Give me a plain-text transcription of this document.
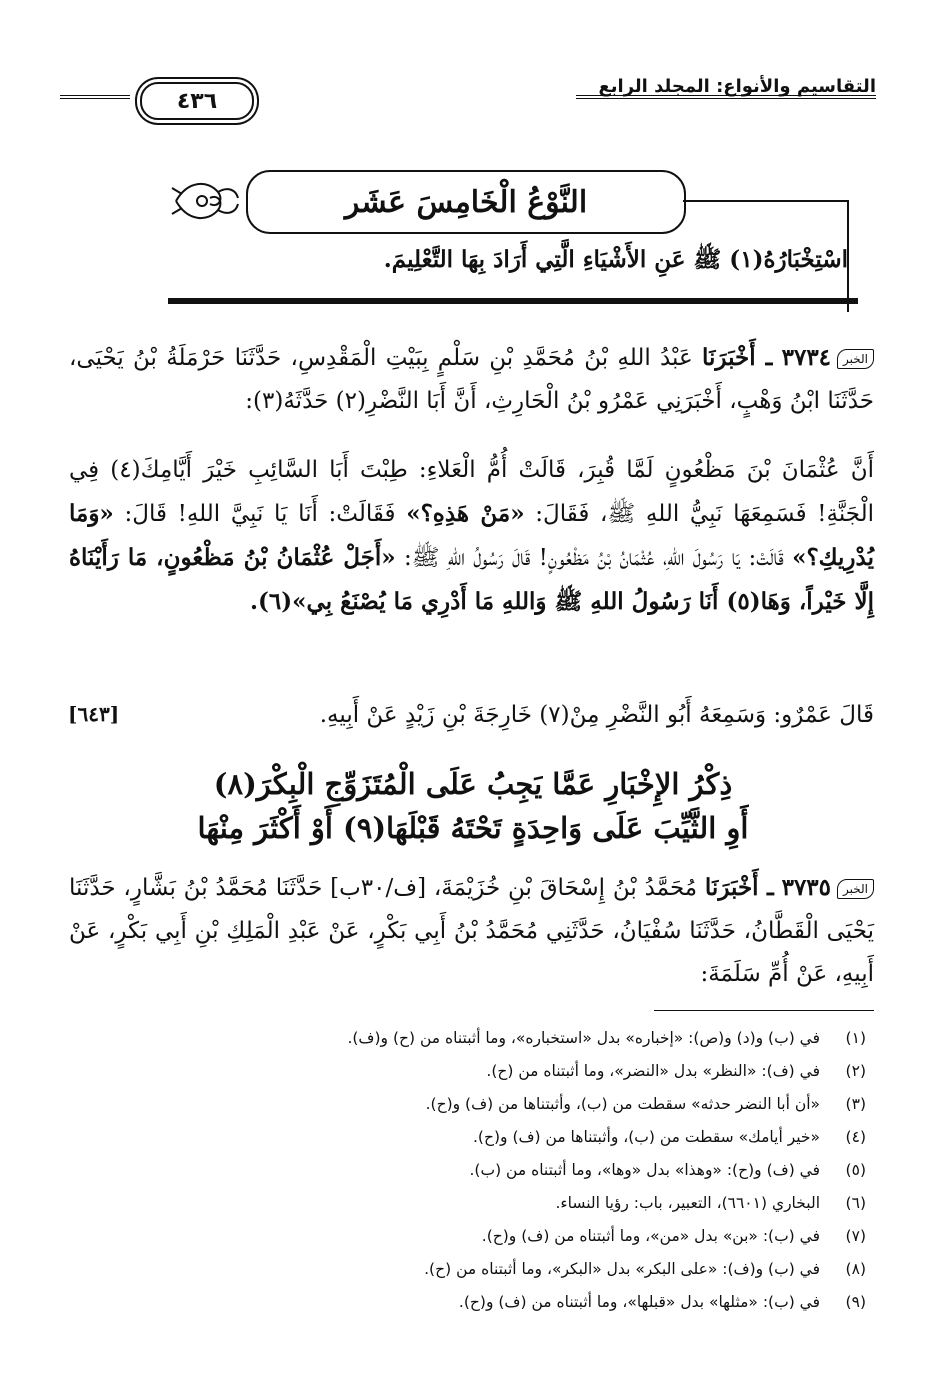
التقاسيم والأنواع: المجلد الرابع
٤٣٦
النَّوْعُ الْخَامِسَ عَشَر
اسْتِخْبَارُهُ(١) ﷺ عَنِ الأَشْيَاءِ الَّتِي أَرَادَ بِهَا التَّعْلِيمَ.
الخبر٣٧٣٤ ـ أَخْبَرَنَا عَبْدُ اللهِ بْنُ مُحَمَّدِ بْنِ سَلْمٍ بِبَيْتِ الْمَقْدِسِ، حَدَّثَنَا حَرْمَلَةُ بْنُ يَحْيَى، حَدَّثَنَا ابْنُ وَهْبٍ، أَخْبَرَنِي عَمْرُو بْنُ الْحَارِثِ، أَنَّ أَبَا النَّضْرِ(٢) حَدَّثَهُ(٣):
أَنَّ عُثْمَانَ بْنَ مَظْعُونٍ لَمَّا قُبِرَ، قَالَتْ أُمُّ الْعَلاءِ: طِبْتَ أَبَا السَّائِبِ خَيْرَ أَيَّامِكَ(٤) فِي الْجَنَّةِ! فَسَمِعَهَا نَبِيُّ اللهِ ﷺ، فَقَالَ: «مَنْ هَذِهِ؟» فَقَالَتْ: أَنَا يَا نَبِيَّ اللهِ! قَالَ: «وَمَا يُدْرِيكِ؟» قَالَتْ: يَا رَسُولَ اللهِ، عُثْمَانُ بْنُ مَظْعُونٍ! قَالَ رَسُولُ اللهِ ﷺ: «أَجَلْ عُثْمَانُ بْنُ مَظْعُونٍ، مَا رَأَيْنَاهُ إِلَّا خَيْراً، وَهَا(٥) أَنَا رَسُولُ اللهِ ﷺ وَاللهِ مَا أَدْرِي مَا يُصْنَعُ بِي»(٦).
قَالَ عَمْرٌو: وَسَمِعَهُ أَبُو النَّضْرِ مِنْ(٧) خَارِجَةَ بْنِ زَيْدٍ عَنْ أَبِيهِ.
[٦٤٣]
ذِكْرُ الإِخْبَارِ عَمَّا يَجِبُ عَلَى الْمُتَزَوِّجِ الْبِكْرَ(٨)
أَوِ الثَّيِّبَ عَلَى وَاحِدَةٍ تَحْتَهُ قَبْلَهَا(٩) أَوْ أَكْثَرَ مِنْهَا
الخبر٣٧٣٥ ـ أَخْبَرَنَا مُحَمَّدُ بْنُ إِسْحَاقَ بْنِ خُزَيْمَةَ، [ف/٣٠ب] حَدَّثَنَا مُحَمَّدُ بْنُ بَشَّارٍ، حَدَّثَنَا يَحْيَى الْقَطَّانُ، حَدَّثَنَا سُفْيَانُ، حَدَّثَنِي مُحَمَّدُ بْنُ أَبِي بَكْرٍ، عَنْ عَبْدِ الْمَلِكِ بْنِ أَبِي بَكْرٍ، عَنْ أَبِيهِ، عَنْ أُمِّ سَلَمَةَ:
(١)في (ب) و(د) و(ص): «إخباره» بدل «استخباره»، وما أثبتناه من (ح) و(ف).
(٢)في (ف): «النظر» بدل «النضر»، وما أثبتناه من (ح).
(٣)«أن أبا النضر حدثه» سقطت من (ب)، وأثبتناها من (ف) و(ح).
(٤)«خير أيامك» سقطت من (ب)، وأثبتناها من (ف) و(ح).
(٥)في (ف) و(ح): «وهذا» بدل «وها»، وما أثبتناه من (ب).
(٦)البخاري (٦٦٠١)، التعبير، باب: رؤيا النساء.
(٧)في (ب): «بن» بدل «من»، وما أثبتناه من (ف) و(ح).
(٨)في (ب) و(ف): «على البكر» بدل «البكر»، وما أثبتناه من (ح).
(٩)في (ب): «مثلها» بدل «قبلها»، وما أثبتناه من (ف) و(ح).
